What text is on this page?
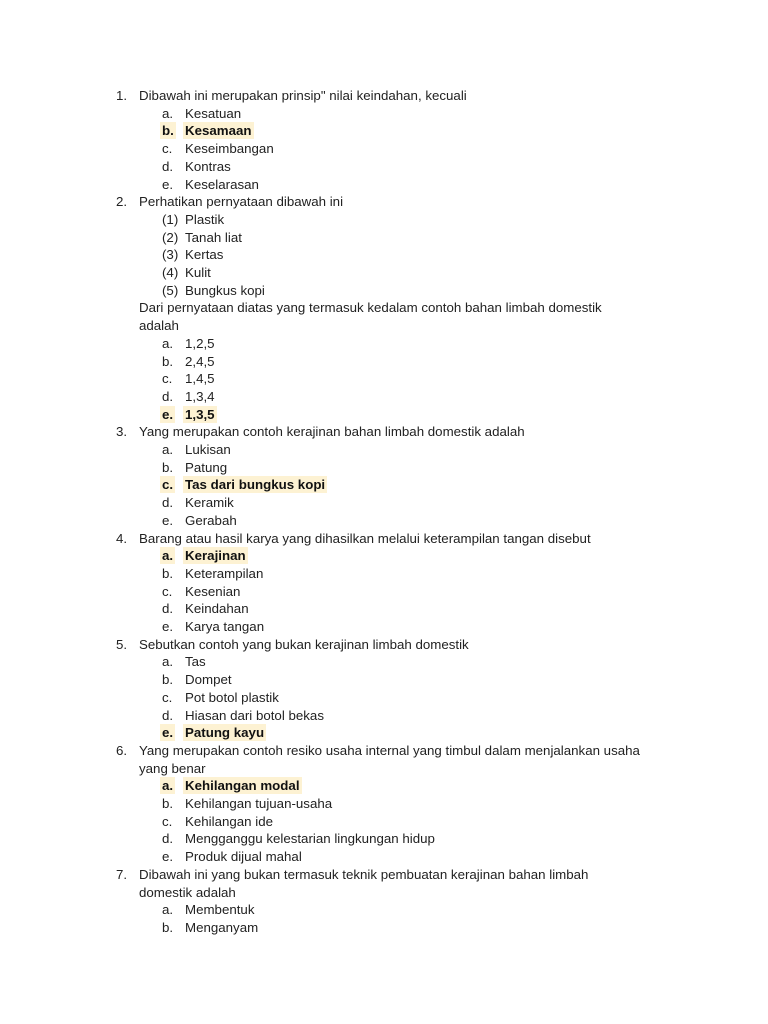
1. Dibawah ini merupakan prinsip" nilai keindahan, kecuali
a. Kesatuan
b. Kesamaan
c. Keseimbangan
d. Kontras
e. Keselarasan
2. Perhatikan pernyataan dibawah ini
(1) Plastik
(2) Tanah liat
(3) Kertas
(4) Kulit
(5) Bungkus kopi
Dari pernyataan diatas yang termasuk kedalam contoh bahan limbah domestik
adalah
a. 1,2,5
b. 2,4,5
c. 1,4,5
d. 1,3,4
e. 1,3,5
3. Yang merupakan contoh kerajinan bahan limbah domestik adalah
a. Lukisan
b. Patung
c. Tas dari bungkus kopi
d. Keramik
e. Gerabah
4. Barang atau hasil karya yang dihasilkan melalui keterampilan tangan disebut
a. Kerajinan
b. Keterampilan
c. Kesenian
d. Keindahan
e. Karya tangan
5. Sebutkan contoh yang bukan kerajinan limbah domestik
a. Tas
b. Dompet
c. Pot botol plastik
d. Hiasan dari botol bekas
e. Patung kayu
6. Yang merupakan contoh resiko usaha internal yang timbul dalam menjalankan usaha
yang benar
a. Kehilangan modal
b. Kehilangan tujuan-usaha
c. Kehilangan ide
d. Mengganggu kelestarian lingkungan hidup
e. Produk dijual mahal
7. Dibawah ini yang bukan termasuk teknik pembuatan kerajinan bahan limbah
domestik adalah
a. Membentuk
b. Menganyam
